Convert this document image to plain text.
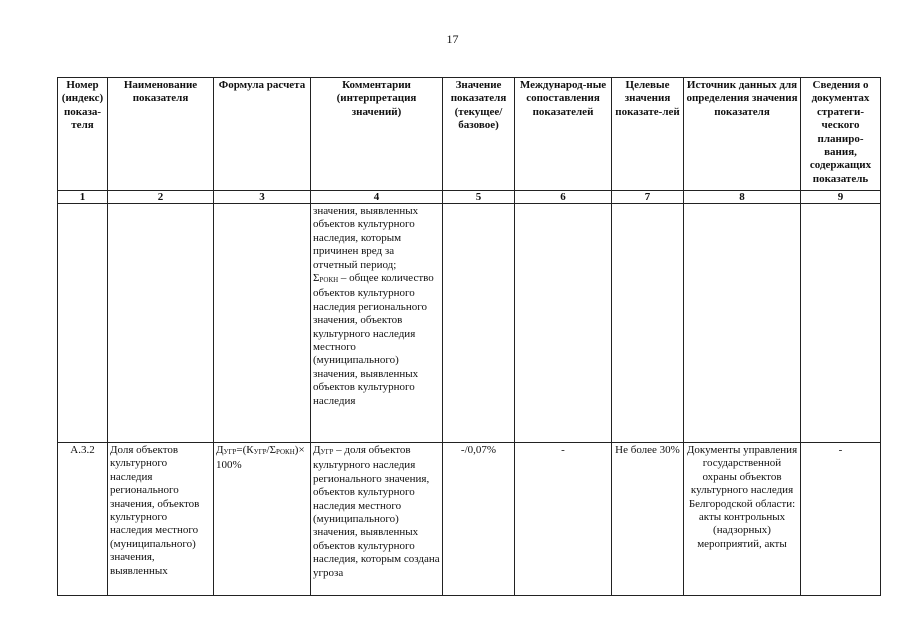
17
Номер (индекс) показа-теля	Наименование показателя	Формула расчета	Комментарии (интерпретация значений)	Значение показателя (текущее/ базовое)	Международ-ные сопоставления показателей	Целевые значения показате-лей	Источник данных для определения значения показателя	Сведения о документах стратеги-ческого планиро-вания, содержащих показатель
1	2	3	4	5	6	7	8	9
			значения, выявленных объектов культурного наследия, которым причинен вред за отчетный период;
$\Sigma_{РОКН}$ – общее количество объектов культурного наследия регионального значения, объектов культурного наследия местного (муниципального) значения, выявленных объектов культурного наследия					
А.3.2	Доля объектов культурного наследия регионального значения, объектов культурного наследия местного (муниципального) значения, выявленных	$Д_{УГР}=(К_{УГР}/\Sigma_{РОКН})\times 100\%$	$Д_{УГР}$ – доля объектов культурного наследия регионального значения, объектов культурного наследия местного (муниципального) значения, выявленных объектов культурного наследия, которым создана угроза	-/0,07%	-	Не более 30%	Документы управления государственной охраны объектов культурного наследия Белгородской области: акты контрольных (надзорных) мероприятий, акты	-
